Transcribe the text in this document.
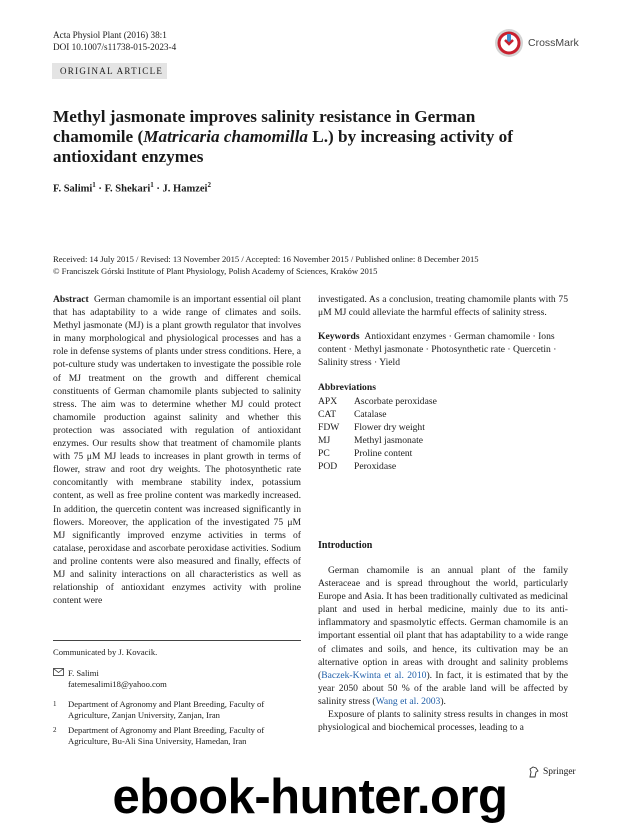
Acta Physiol Plant (2016) 38:1
DOI 10.1007/s11738-015-2023-4	CrossMark
ORIGINAL ARTICLE
Methyl jasmonate improves salinity resistance in German chamomile (Matricaria chamomilla L.) by increasing activity of antioxidant enzymes
F. Salimi$^1$ · F. Shekari$^1$ · J. Hamzei$^2$
Received: 14 July 2015 / Revised: 13 November 2015 / Accepted: 16 November 2015 / Published online: 8 December 2015
© Franciszek Górski Institute of Plant Physiology, Polish Academy of Sciences, Kraków 2015

Abstract German chamomile is an important essential oil plant that has adaptability to a wide range of climates and soils. Methyl jasmonate (MJ) is a plant growth regulator that involves in many morphological and physiological processes and has a role in defense systems of plants under stress conditions. Here, a pot-culture study was undertaken to investigate the possible role of MJ treatment on the growth and different chemical constituents of German chamomile plants subjected to salinity stress. The aim was to determine whether MJ could protect chamomile production against salinity and whether this protection was associated with regulation of antioxidant enzymes. Our results show that treatment of chamomile plants with 75 μM MJ leads to increases in plant growth in terms of flower, straw and root dry weights. The photosynthetic rate concomitantly with membrane stability index, potassium content, as well as free proline content was markedly increased. In addition, the quercetin content was increased significantly in flowers. Moreover, the application of the investigated 75 μM MJ significantly improved enzyme activities in terms of catalase, peroxidase and ascorbate peroxidase activities. Sodium and proline contents were also measured and finally, effects of MJ and salinity interactions on all characteristics as well as relationship of antioxidant enzymes activity with proline content were

investigated. As a conclusion, treating chamomile plants with 75 μM MJ could alleviate the harmful effects of salinity stress.

Keywords Antioxidant enzymes · German chamomile · Ions content · Methyl jasmonate · Photosynthetic rate · Quercetin · Salinity stress · Yield

Abbreviations
APX	Ascorbate peroxidase
CAT	Catalase
FDW	Flower dry weight
MJ	Methyl jasmonate
PC	Proline content
POD	Peroxidase
Introduction

German chamomile is an annual plant of the family Asteraceae and is spread throughout the world, particularly Europe and Asia. It has been traditionally cultivated as medicinal plant and used in herbal medicine, mainly due to its anti-inflammatory and spasmolytic effects. German chamomile is an important essential oil plant that has adaptability to a wide range of climates and soils, and hence, its cultivation may be an alternative option in areas with drought and salinity problems (Baczek-Kwinta et al. 2010). In fact, it is estimated that by the year 2050 about 50 % of the arable land will be affected by salinity stress (Wang et al. 2003).

Exposure of plants to salinity stress results in changes in most physiological and biochemical processes, leading to a

Communicated by J. Kovacik.
F. Salimi
fatemesalimi18@yahoo.com
1	Department of Agronomy and Plant Breeding, Faculty of Agriculture, Zanjan University, Zanjan, Iran
2	Department of Agronomy and Plant Breeding, Faculty of Agriculture, Bu-Ali Sina University, Hamedan, Iran
Springer
ebook-hunter.org
